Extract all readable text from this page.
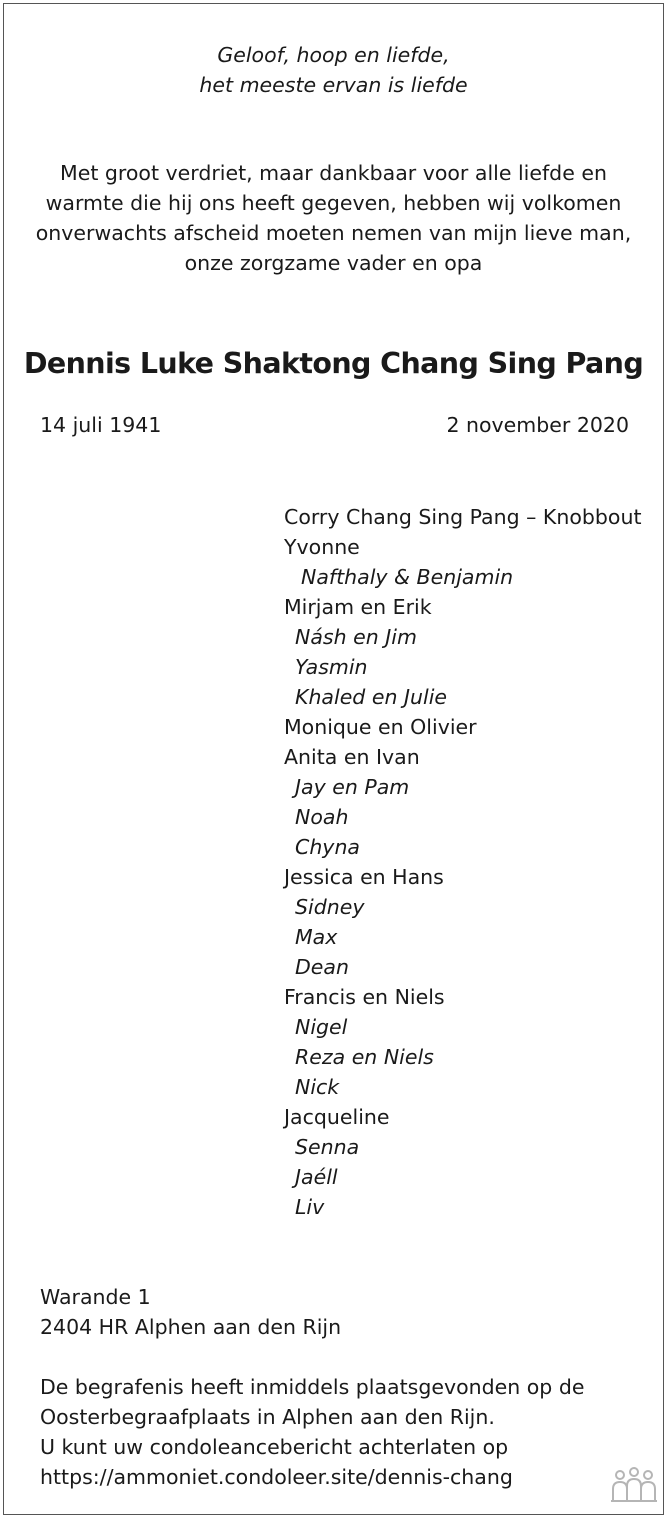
Geloof, hoop en liefde,
het meeste ervan is liefde
Met groot verdriet, maar dankbaar voor alle liefde en
warmte die hij ons heeft gegeven, hebben wij volkomen
onverwachts afscheid moeten nemen van mijn lieve man,
onze zorgzame vader en opa
Dennis Luke Shaktong Chang Sing Pang
14 juli 1941	2 november 2020
Corry Chang Sing Pang – Knobbout
Yvonne
Nafthaly & Benjamin
Mirjam en Erik
Násh en Jim
Yasmin
Khaled en Julie
Monique en Olivier
Anita en Ivan
Jay en Pam
Noah
Chyna
Jessica en Hans
Sidney
Max
Dean
Francis en Niels
Nigel
Reza en Niels
Nick
Jacqueline
Senna
Jaéll
Liv
Warande 1
2404 HR Alphen aan den Rijn
De begrafenis heeft inmiddels plaatsgevonden op de
Oosterbegraafplaats in Alphen aan den Rijn.
U kunt uw condoleancebericht achterlaten op
https://ammoniet.condoleer.site/dennis-chang
